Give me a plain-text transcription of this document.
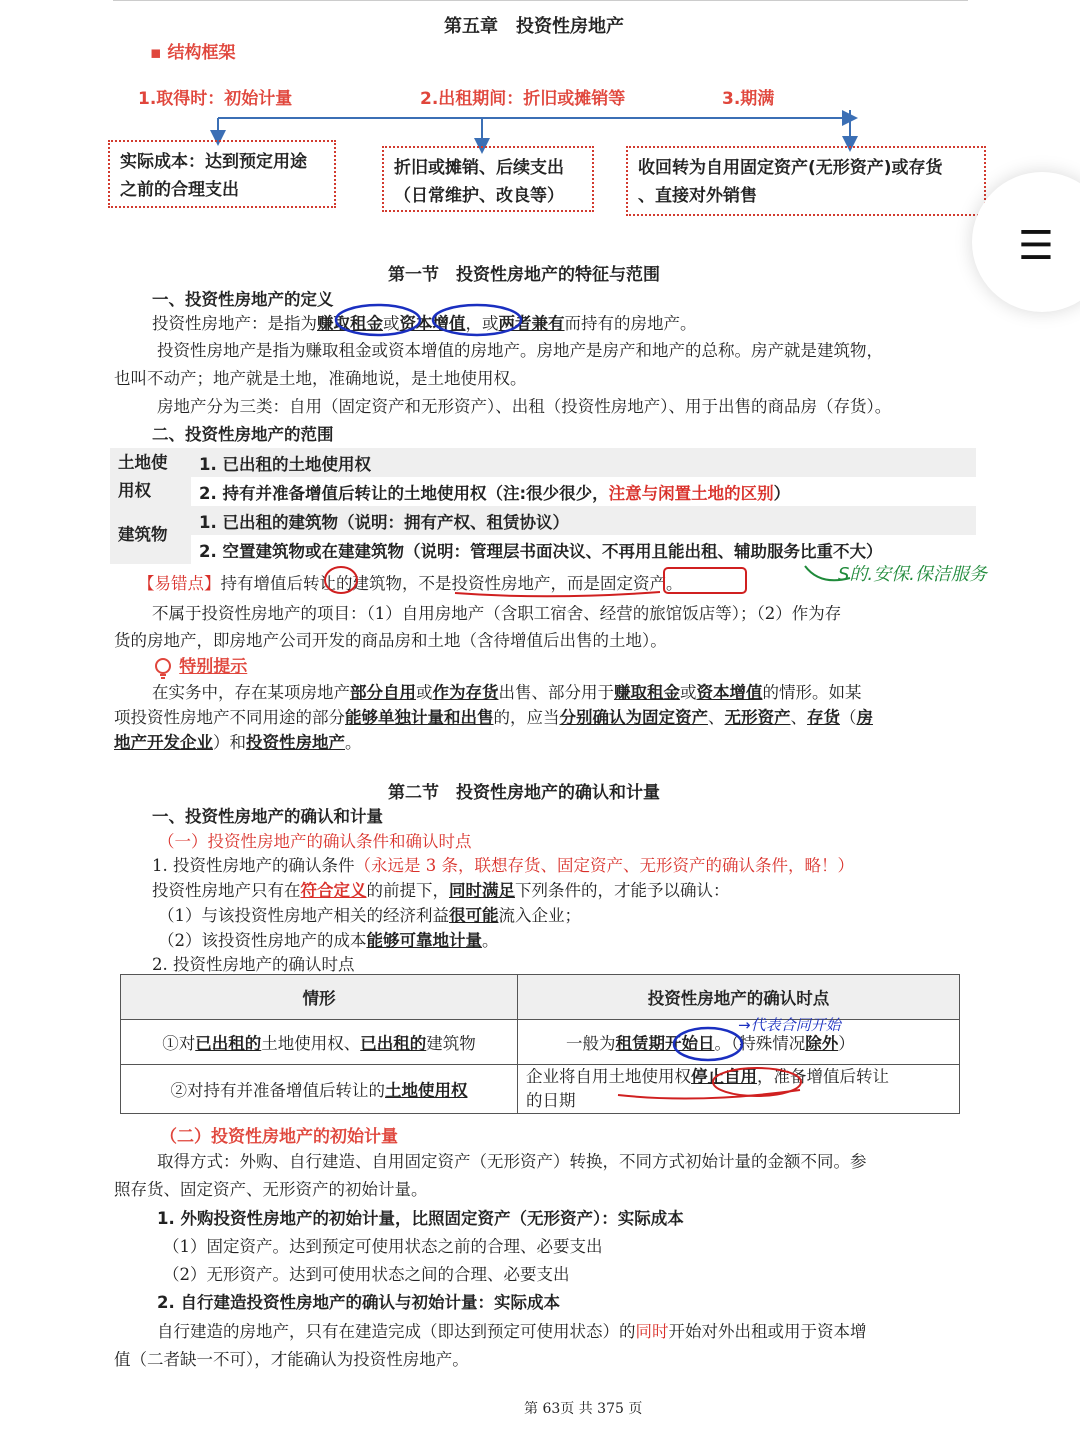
第五章　投资性房地产
▪ 结构框架
1.取得时：初始计量	2.出租期间：折旧或摊销等	3.期满
实际成本：达到预定用途
之前的合理支出
折旧或摊销、后续支出
（日常维护、改良等）
收回转为自用固定资产(无形资产)或存货
、直接对外销售
☰
第一节　投资性房地产的特征与范围
一、投资性房地产的定义
投资性房地产：是指为赚取租金或资本增值，或两者兼有而持有的房地产。
投资性房地产是指为赚取租金或资本增值的房地产。房地产是房产和地产的总称。房产就是建筑物，
也叫不动产；地产就是土地，准确地说，是土地使用权。
房地产分为三类：自用（固定资产和无形资产）、出租（投资性房地产）、用于出售的商品房（存货）。
二、投资性房地产的范围
土地使用权	1. 已出租的土地使用权
	2. 持有并准备增值后转让的土地使用权（注:很少很少，注意与闲置土地的区别）
建筑物	1. 已出租的建筑物（说明：拥有产权、租赁协议）
	2. 空置建筑物或在建建筑物（说明：管理层书面决议、不再用且能出租、辅助服务比重不大）
【易错点】持有增值后转让的建筑物，不是投资性房地产，而是固定资产。	S的.安保.保洁服务
不属于投资性房地产的项目：（1）自用房地产（含职工宿舍、经营的旅馆饭店等）；（2）作为存
货的房地产，即房地产公司开发的商品房和土地（含待增值后出售的土地）。
特别提示
在实务中，存在某项房地产部分自用或作为存货出售、部分用于赚取租金或资本增值的情形。如某
项投资性房地产不同用途的部分能够单独计量和出售的，应当分别确认为固定资产、无形资产、存货（房
地产开发企业）和投资性房地产。
第二节　投资性房地产的确认和计量
一、投资性房地产的确认和计量
（一）投资性房地产的确认条件和确认时点
1. 投资性房地产的确认条件（永远是 3 条，联想存货、固定资产、无形资产的确认条件，略！）
投资性房地产只有在符合定义的前提下，同时满足下列条件的，才能予以确认：
（1）与该投资性房地产相关的经济利益很可能流入企业；
（2）该投资性房地产的成本能够可靠地计量。
2. 投资性房地产的确认时点
情形	投资性房地产的确认时点
①对已出租的土地使用权、已出租的建筑物	一般为租赁期开始日。（特殊情况除外）
②对持有并准备增值后转让的土地使用权	企业将自用土地使用权停止自用，准备增值后转让
的日期
→代表合同开始
（二）投资性房地产的初始计量
取得方式：外购、自行建造、自用固定资产（无形资产）转换，不同方式初始计量的金额不同。参
照存货、固定资产、无形资产的初始计量。
1. 外购投资性房地产的初始计量，比照固定资产（无形资产）：实际成本
（1）固定资产。达到预定可使用状态之前的合理、必要支出
（2）无形资产。达到可使用状态之间的合理、必要支出
2. 自行建造投资性房地产的确认与初始计量：实际成本
自行建造的房地产，只有在建造完成（即达到预定可使用状态）的同时开始对外出租或用于资本增
值（二者缺一不可），才能确认为投资性房地产。
第 63页 共 375 页
